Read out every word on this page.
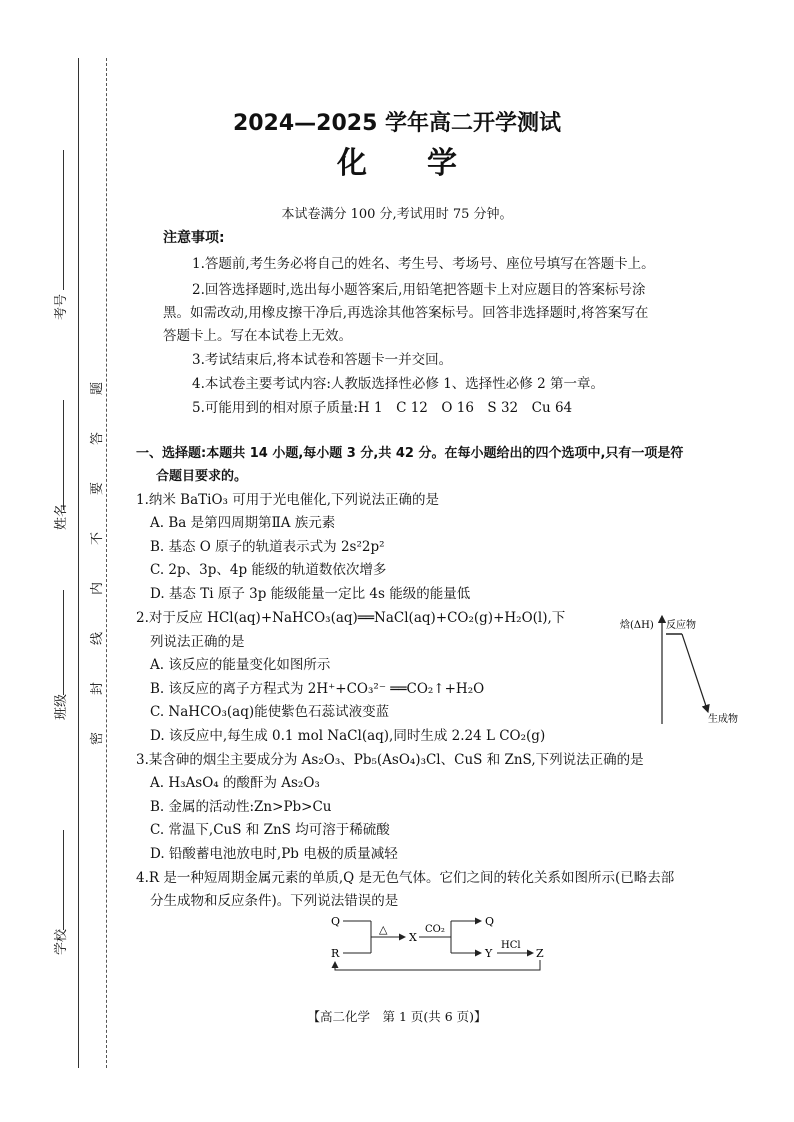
考号
姓名
班级
学校
题
答
要
不
内
线
封
密
2024—2025 学年高二开学测试
化　　学
本试卷满分 100 分,考试用时 75 分钟。
注意事项:
1.答题前,考生务必将自己的姓名、考生号、考场号、座位号填写在答题卡上。
2.回答选择题时,选出每小题答案后,用铅笔把答题卡上对应题目的答案标号涂
黑。如需改动,用橡皮擦干净后,再选涂其他答案标号。回答非选择题时,将答案写在
答题卡上。写在本试卷上无效。
3.考试结束后,将本试卷和答题卡一并交回。
4.本试卷主要考试内容:人教版选择性必修 1、选择性必修 2 第一章。
5.可能用到的相对原子质量:H 1　C 12　O 16　S 32　Cu 64
一、选择题:本题共 14 小题,每小题 3 分,共 42 分。在每小题给出的四个选项中,只有一项是符
合题目要求的。
1.纳米 BaTiO₃ 可用于光电催化,下列说法正确的是
A. Ba 是第四周期第ⅡA 族元素
B. 基态 O 原子的轨道表示式为 2s²2p²
C. 2p、3p、4p 能级的轨道数依次增多
D. 基态 Ti 原子 3p 能级能量一定比 4s 能级的能量低
2.对于反应 HCl(aq)+NaHCO₃(aq)══NaCl(aq)+CO₂(g)+H₂O(l),下
列说法正确的是
A. 该反应的能量变化如图所示
B. 该反应的离子方程式为 2H⁺+CO₃²⁻ ══CO₂↑+H₂O
C. NaHCO₃(aq)能使紫色石蕊试液变蓝
D. 该反应中,每生成 0.1 mol NaCl(aq),同时生成 2.24 L CO₂(g)
焓(ΔH) 反应物
生成物
3.某含砷的烟尘主要成分为 As₂O₃、Pb₅(AsO₄)₃Cl、CuS 和 ZnS,下列说法正确的是
A. H₃AsO₄ 的酸酐为 As₂O₃
B. 金属的活动性:Zn>Pb>Cu
C. 常温下,CuS 和 ZnS 均可溶于稀硫酸
D. 铅酸蓄电池放电时,Pb 电极的质量减轻
4.R 是一种短周期金属元素的单质,Q 是无色气体。它们之间的转化关系如图所示(已略去部
分生成物和反应条件)。下列说法错误的是
Q
R
△
X
CO₂
Q
Y
HCl
Z
【高二化学　第 1 页(共 6 页)】
